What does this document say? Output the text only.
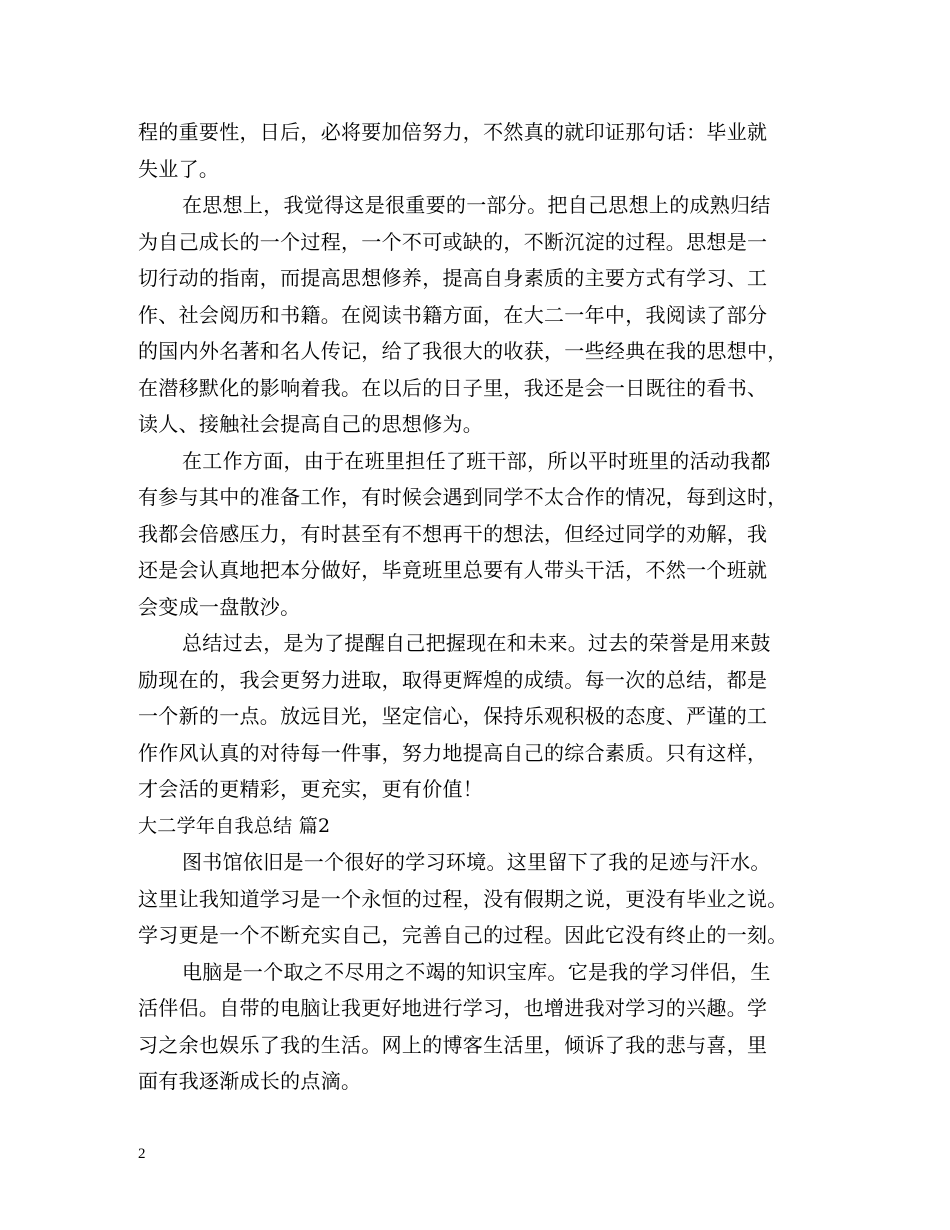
程的重要性，日后，必将要加倍努力，不然真的就印证那句话：毕业就
失业了。
在思想上，我觉得这是很重要的一部分。把自己思想上的成熟归结
为自己成长的一个过程，一个不可或缺的，不断沉淀的过程。思想是一
切行动的指南，而提高思想修养，提高自身素质的主要方式有学习、工
作、社会阅历和书籍。在阅读书籍方面，在大二一年中，我阅读了部分
的国内外名著和名人传记，给了我很大的收获，一些经典在我的思想中，
在潜移默化的影响着我。在以后的日子里，我还是会一日既往的看书、
读人、接触社会提高自己的思想修为。
在工作方面，由于在班里担任了班干部，所以平时班里的活动我都
有参与其中的准备工作，有时候会遇到同学不太合作的情况，每到这时，
我都会倍感压力，有时甚至有不想再干的想法，但经过同学的劝解，我
还是会认真地把本分做好，毕竟班里总要有人带头干活，不然一个班就
会变成一盘散沙。
总结过去，是为了提醒自己把握现在和未来。过去的荣誉是用来鼓
励现在的，我会更努力进取，取得更辉煌的成绩。每一次的总结，都是
一个新的一点。放远目光，坚定信心，保持乐观积极的态度、严谨的工
作作风认真的对待每一件事，努力地提高自己的综合素质。只有这样，
才会活的更精彩，更充实，更有价值！
大二学年自我总结 篇2
图书馆依旧是一个很好的学习环境。这里留下了我的足迹与汗水。
这里让我知道学习是一个永恒的过程，没有假期之说，更没有毕业之说。
学习更是一个不断充实自己，完善自己的过程。因此它没有终止的一刻。
电脑是一个取之不尽用之不竭的知识宝库。它是我的学习伴侣，生
活伴侣。自带的电脑让我更好地进行学习，也增进我对学习的兴趣。学
习之余也娱乐了我的生活。网上的博客生活里，倾诉了我的悲与喜，里
面有我逐渐成长的点滴。
2
